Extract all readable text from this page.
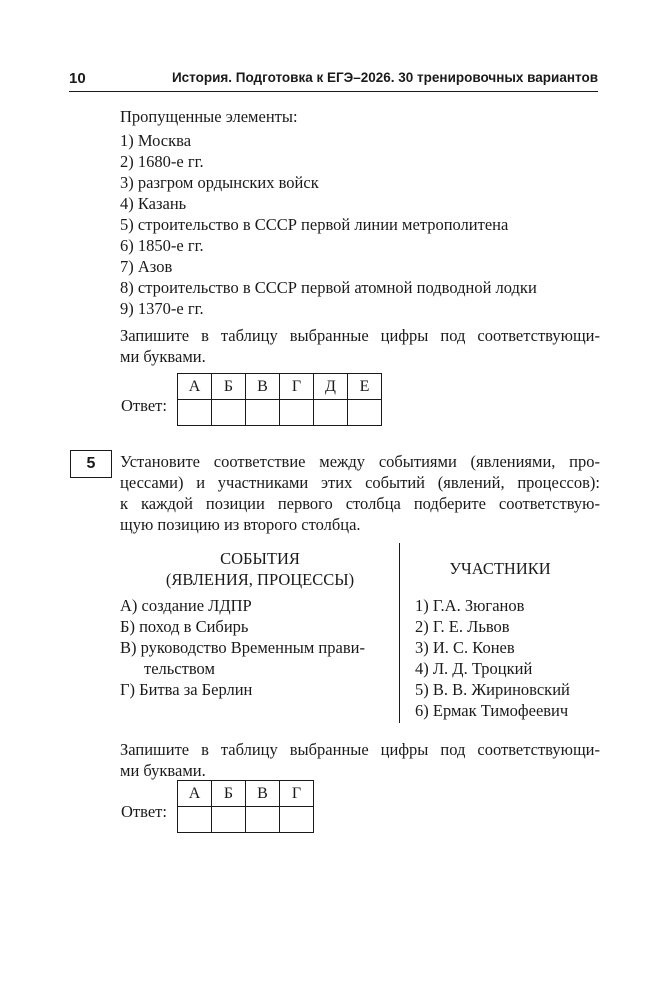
10	История. Подготовка к ЕГЭ–2026. 30 тренировочных вариантов
Пропущенные элементы:
1) Москва
2) 1680-е гг.
3) разгром ордынских войск
4) Казань
5) строительство в СССР первой линии метрополитена
6) 1850-е гг.
7) Азов
8) строительство в СССР первой атомной подводной лодки
9) 1370-е гг.
Запишите в таблицу выбранные цифры под соответствующи-
ми буквами.
Ответ:
А	Б	В	Г	Д	Е

5	Установите соответствие между событиями (явлениями, про-
цессами) и участниками этих событий (явлений, процессов):
к каждой позиции первого столбца подберите соответствую-
щую позицию из второго столбца.
СОБЫТИЯ
(ЯВЛЕНИЯ, ПРОЦЕССЫ)
УЧАСТНИКИ
А) создание ЛДПР
Б) поход в Сибирь
В) руководство Временным прави-
тельством
Г) Битва за Берлин
1) Г.А. Зюганов
2) Г. Е. Львов
3) И. С. Конев
4) Л. Д. Троцкий
5) В. В. Жириновский
6) Ермак Тимофеевич
Запишите в таблицу выбранные цифры под соответствующи-
ми буквами.
Ответ:
А	Б	В	Г
